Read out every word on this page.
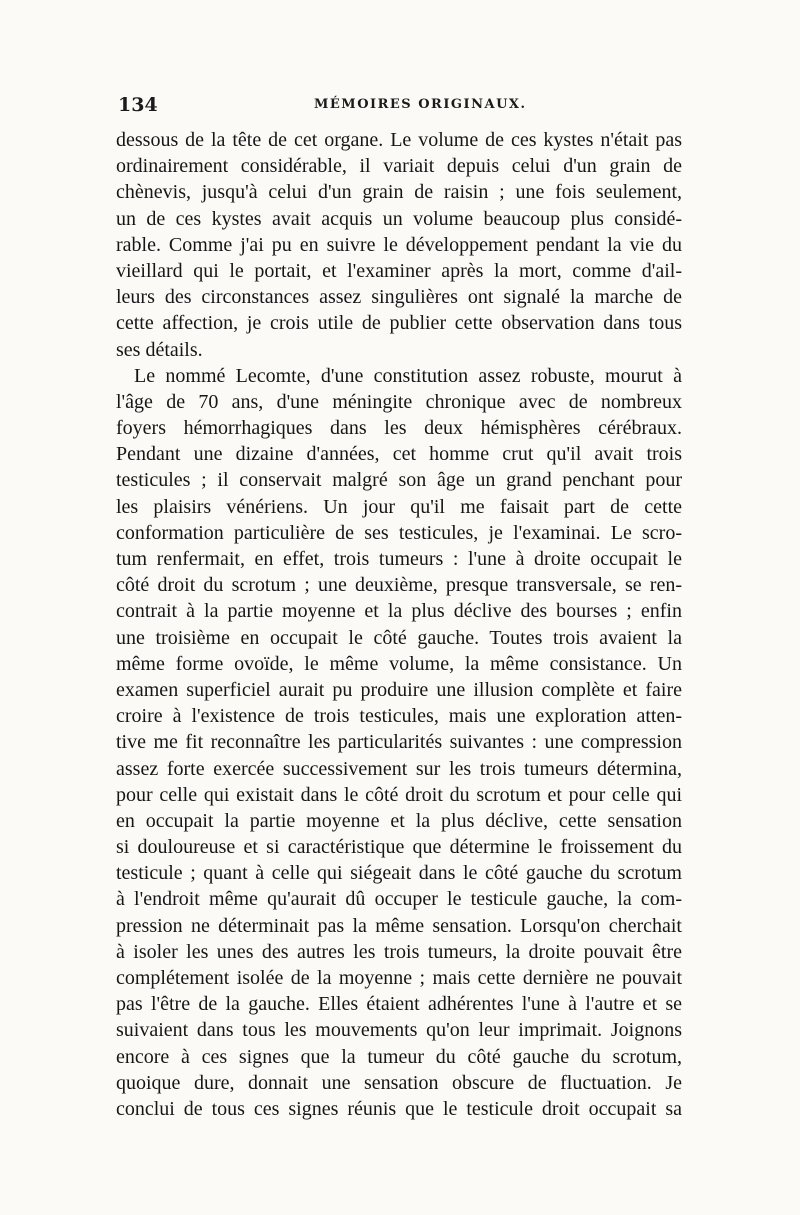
134	MÉMOIRES ORIGINAUX.
dessous de la tête de cet organe. Le volume de ces kystes n'était pas
ordinairement considérable, il variait depuis celui d'un grain de
chènevis, jusqu'à celui d'un grain de raisin ; une fois seulement,
un de ces kystes avait acquis un volume beaucoup plus considé-
rable. Comme j'ai pu en suivre le développement pendant la vie du
vieillard qui le portait, et l'examiner après la mort, comme d'ail-
leurs des circonstances assez singulières ont signalé la marche de
cette affection, je crois utile de publier cette observation dans tous
ses détails.
Le nommé Lecomte, d'une constitution assez robuste, mourut à
l'âge de 70 ans, d'une méningite chronique avec de nombreux
foyers hémorrhagiques dans les deux hémisphères cérébraux.
Pendant une dizaine d'années, cet homme crut qu'il avait trois
testicules ; il conservait malgré son âge un grand penchant pour
les plaisirs vénériens. Un jour qu'il me faisait part de cette
conformation particulière de ses testicules, je l'examinai. Le scro-
tum renfermait, en effet, trois tumeurs : l'une à droite occupait le
côté droit du scrotum ; une deuxième, presque transversale, se ren-
contrait à la partie moyenne et la plus déclive des bourses ; enfin
une troisième en occupait le côté gauche. Toutes trois avaient la
même forme ovoïde, le même volume, la même consistance. Un
examen superficiel aurait pu produire une illusion complète et faire
croire à l'existence de trois testicules, mais une exploration atten-
tive me fit reconnaître les particularités suivantes : une compression
assez forte exercée successivement sur les trois tumeurs détermina,
pour celle qui existait dans le côté droit du scrotum et pour celle qui
en occupait la partie moyenne et la plus déclive, cette sensation
si douloureuse et si caractéristique que détermine le froissement du
testicule ; quant à celle qui siégeait dans le côté gauche du scrotum
à l'endroit même qu'aurait dû occuper le testicule gauche, la com-
pression ne déterminait pas la même sensation. Lorsqu'on cherchait
à isoler les unes des autres les trois tumeurs, la droite pouvait être
complétement isolée de la moyenne ; mais cette dernière ne pouvait
pas l'être de la gauche. Elles étaient adhérentes l'une à l'autre et se
suivaient dans tous les mouvements qu'on leur imprimait. Joignons
encore à ces signes que la tumeur du côté gauche du scrotum,
quoique dure, donnait une sensation obscure de fluctuation. Je
conclui de tous ces signes réunis que le testicule droit occupait sa
